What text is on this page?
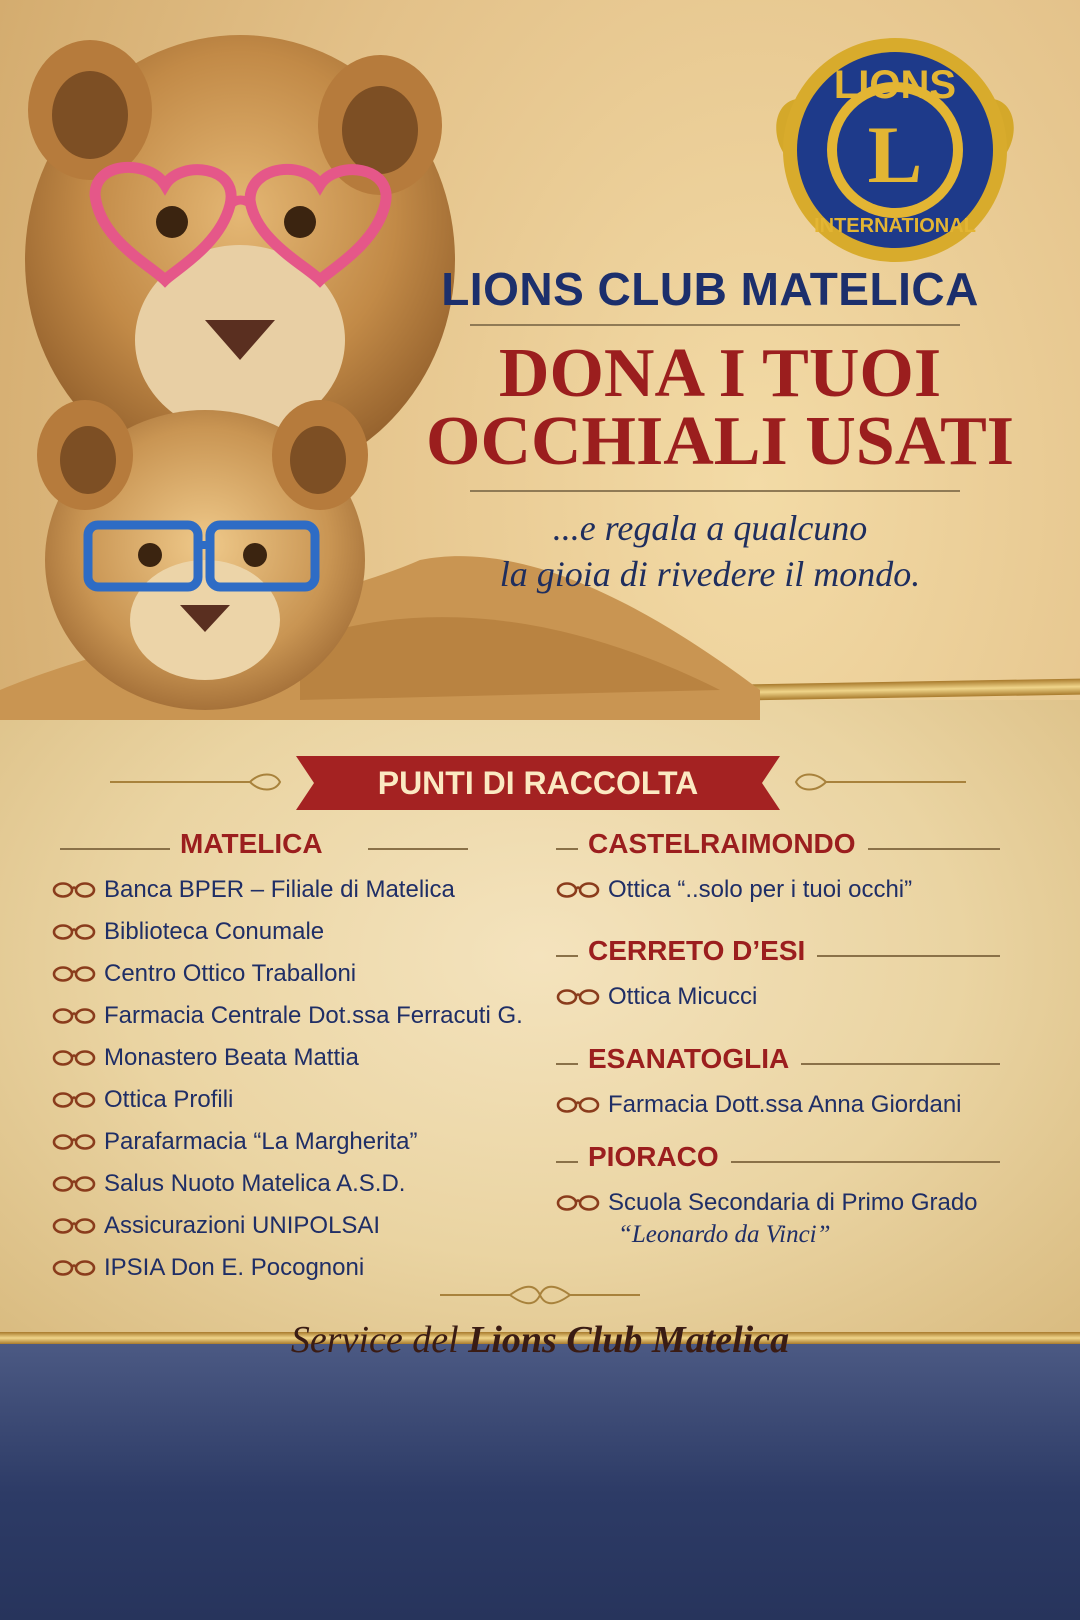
LIONS
L
INTERNATIONAL
LIONS CLUB MATELICA
DONA I TUOI
OCCHIALI USATI
...e regala a qualcuno
la gioia di rivedere il mondo.
PUNTI DI RACCOLTA
MATELICA
Banca BPER – Filiale di Matelica
Biblioteca Conumale
Centro Ottico Traballoni
Farmacia Centrale Dot.ssa Ferracuti G.
Monastero Beata Mattia
Ottica Profili
Parafarmacia “La Margherita”
Salus Nuoto Matelica A.S.D.
Assicurazioni UNIPOLSAI
IPSIA Don E. Pocognoni
CASTELRAIMONDO
Ottica “..solo per i tuoi occhi”
CERRETO D’ESI
Ottica Micucci
ESANATOGLIA
Farmacia Dott.ssa Anna Giordani
PIORACO
Scuola Secondaria di Primo Grado
“Leonardo da Vinci”
Service del Lions Club Matelica
